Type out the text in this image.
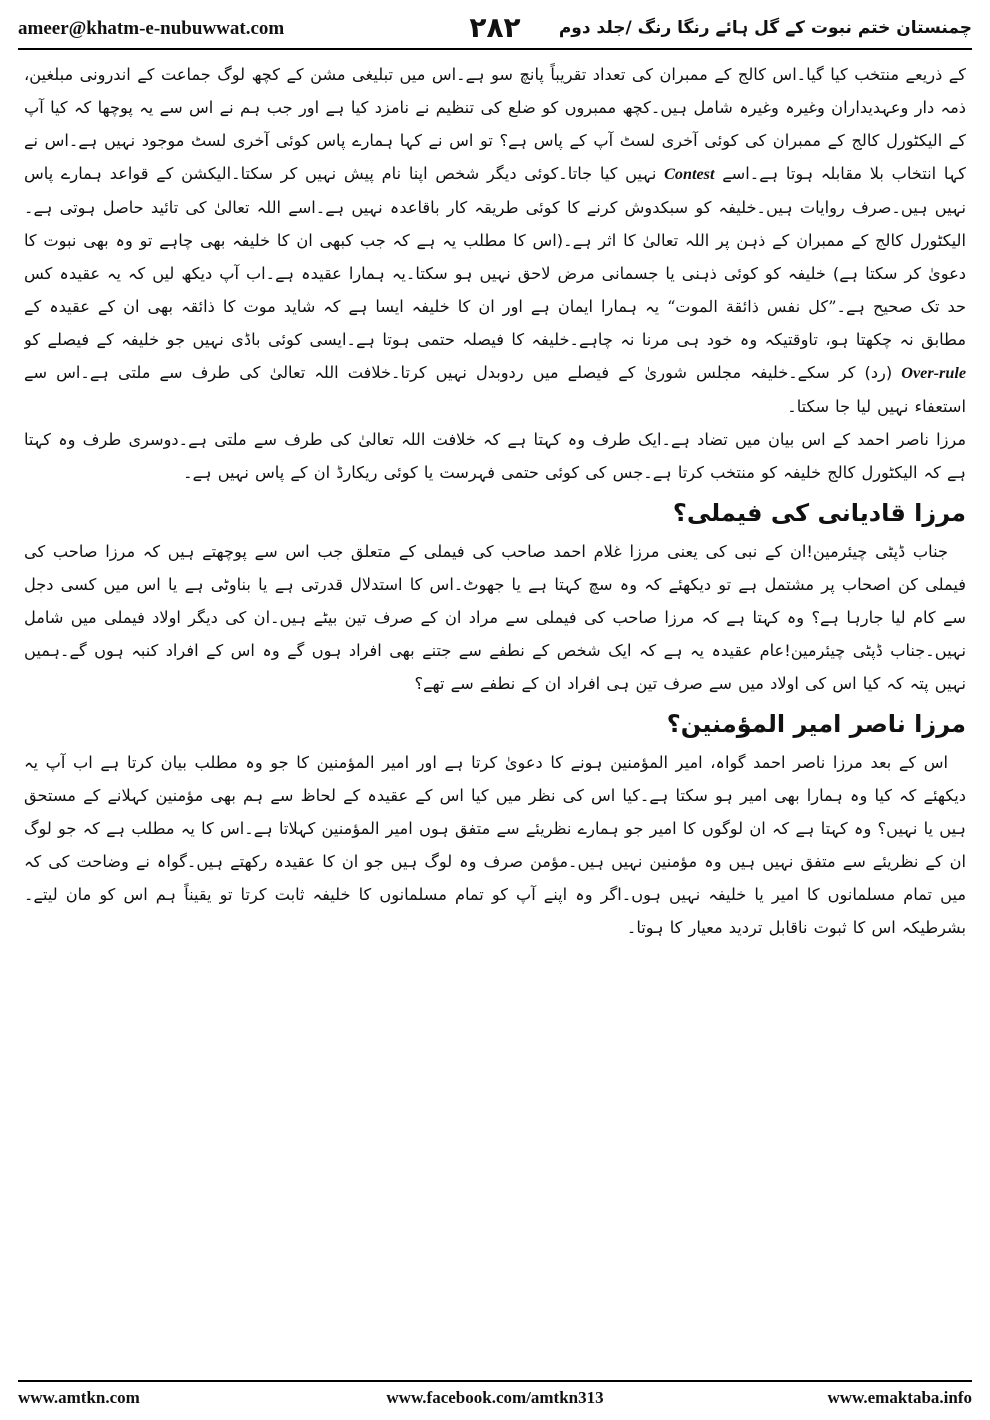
ameer@khatm-e-nubuwwat.com	۲۸۲	چمنستان ختم نبوت کے گل ہائے رنگا رنگ /جلد دوم

کے ذریعے منتخب کیا گیا۔اس کالج کے ممبران کی تعداد تقریباً پانچ سو ہے۔اس میں تبلیغی مشن کے کچھ لوگ جماعت کے اندرونی مبلغین، ذمہ دار وعہدیداران وغیرہ وغیرہ شامل ہیں۔کچھ ممبروں کو ضلع کی تنظیم نے نامزد کیا ہے اور جب ہم نے اس سے یہ پوچھا کہ کیا آپ کے الیکٹورل کالج کے ممبران کی کوئی آخری لسٹ آپ کے پاس ہے؟ تو اس نے کہا ہمارے پاس کوئی آخری لسٹ موجود نہیں ہے۔اس نے کہا انتخاب بلا مقابلہ ہوتا ہے۔اسے Contest نہیں کیا جاتا۔کوئی دیگر شخص اپنا نام پیش نہیں کر سکتا۔الیکشن کے قواعد ہمارے پاس نہیں ہیں۔صرف روایات ہیں۔خلیفہ کو سبکدوش کرنے کا کوئی طریقہ کار باقاعدہ نہیں ہے۔اسے اللہ تعالیٰ کی تائید حاصل ہوتی ہے۔الیکٹورل کالج کے ممبران کے ذہن پر اللہ تعالیٰ کا اثر ہے۔(اس کا مطلب یہ ہے کہ جب کبھی ان کا خلیفہ بھی چاہے تو وہ بھی نبوت کا دعویٰ کر سکتا ہے) خلیفہ کو کوئی ذہنی یا جسمانی مرض لاحق نہیں ہو سکتا۔یہ ہمارا عقیدہ ہے۔اب آپ دیکھ لیں کہ یہ عقیدہ کس حد تک صحیح ہے۔”کل نفس ذائقة الموت“ یہ ہمارا ایمان ہے اور ان کا خلیفہ ایسا ہے کہ شاید موت کا ذائقہ بھی ان کے عقیدہ کے مطابق نہ چکھتا ہو، تاوقتیکہ وہ خود ہی مرنا نہ چاہے۔خلیفہ کا فیصلہ حتمی ہوتا ہے۔ایسی کوئی باڈی نہیں جو خلیفہ کے فیصلے کو Over-rule (رد) کر سکے۔خلیفہ مجلس شوریٰ کے فیصلے میں ردوبدل نہیں کرتا۔خلافت اللہ تعالیٰ کی طرف سے ملتی ہے۔اس سے استعفاء نہیں لیا جا سکتا۔

مرزا ناصر احمد کے اس بیان میں تضاد ہے۔ایک طرف وہ کہتا ہے کہ خلافت اللہ تعالیٰ کی طرف سے ملتی ہے۔دوسری طرف وہ کہتا ہے کہ الیکٹورل کالج خلیفہ کو منتخب کرتا ہے۔جس کی کوئی حتمی فہرست یا کوئی ریکارڈ ان کے پاس نہیں ہے۔

مرزا قادیانی کی فیملی؟

جناب ڈپٹی چیئرمین!ان کے نبی کی یعنی مرزا غلام احمد صاحب کی فیملی کے متعلق جب اس سے پوچھتے ہیں کہ مرزا صاحب کی فیملی کن اصحاب پر مشتمل ہے تو دیکھئے کہ وہ سچ کہتا ہے یا جھوٹ۔اس کا استدلال قدرتی ہے یا بناوٹی ہے یا اس میں کسی دجل سے کام لیا جارہا ہے؟ وہ کہتا ہے کہ مرزا صاحب کی فیملی سے مراد ان کے صرف تین بیٹے ہیں۔ان کی دیگر اولاد فیملی میں شامل نہیں۔جناب ڈپٹی چیئرمین!عام عقیدہ یہ ہے کہ ایک شخص کے نطفے سے جتنے بھی افراد ہوں گے وہ اس کے افراد کنبہ ہوں گے۔ہمیں نہیں پتہ کہ کیا اس کی اولاد میں سے صرف تین ہی افراد ان کے نطفے سے تھے؟

مرزا ناصر امیر المؤمنین؟

اس کے بعد مرزا ناصر احمد گواہ، امیر المؤمنین ہونے کا دعویٰ کرتا ہے اور امیر المؤمنین کا جو وہ مطلب بیان کرتا ہے اب آپ یہ دیکھئے کہ کیا وہ ہمارا بھی امیر ہو سکتا ہے۔کیا اس کی نظر میں کیا اس کے عقیدہ کے لحاظ سے ہم بھی مؤمنین کہلانے کے مستحق ہیں یا نہیں؟ وہ کہتا ہے کہ ان لوگوں کا امیر جو ہمارے نظریئے سے متفق ہوں امیر المؤمنین کہلاتا ہے۔اس کا یہ مطلب ہے کہ جو لوگ ان کے نظریئے سے متفق نہیں ہیں وہ مؤمنین نہیں ہیں۔مؤمن صرف وہ لوگ ہیں جو ان کا عقیدہ رکھتے ہیں۔گواہ نے وضاحت کی کہ میں تمام مسلمانوں کا امیر یا خلیفہ نہیں ہوں۔اگر وہ اپنے آپ کو تمام مسلمانوں کا خلیفہ ثابت کرتا تو یقیناً ہم اس کو مان لیتے۔بشرطیکہ اس کا ثبوت ناقابل تردید معیار کا ہوتا۔

www.amtkn.com	www.facebook.com/amtkn313	www.emaktaba.info
